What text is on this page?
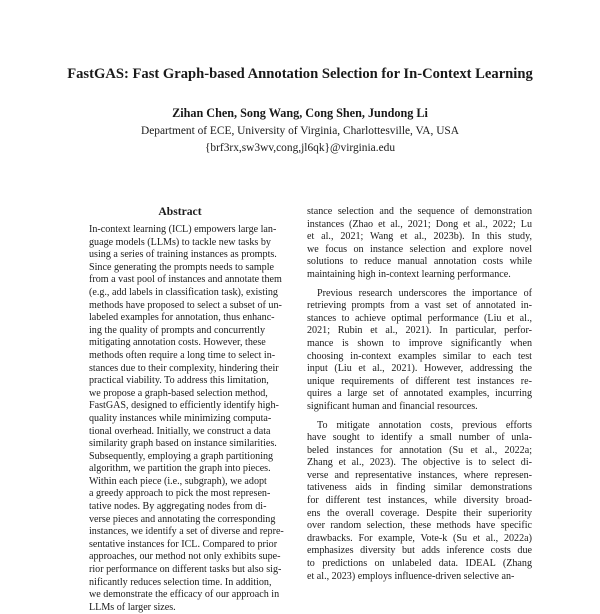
FastGAS: Fast Graph-based Annotation Selection for In-Context Learning
Zihan Chen, Song Wang, Cong Shen, Jundong Li
Department of ECE, University of Virginia, Charlottesville, VA, USA
{brf3rx,sw3wv,cong,jl6qk}@virginia.edu
Abstract
In-context learning (ICL) empowers large lan-
guage models (LLMs) to tackle new tasks by
using a series of training instances as prompts.
Since generating the prompts needs to sample
from a vast pool of instances and annotate them
(e.g., add labels in classification task), existing
methods have proposed to select a subset of un-
labeled examples for annotation, thus enhanc-
ing the quality of prompts and concurrently
mitigating annotation costs. However, these
methods often require a long time to select in-
stances due to their complexity, hindering their
practical viability. To address this limitation,
we propose a graph-based selection method,
FastGAS, designed to efficiently identify high-
quality instances while minimizing computa-
tional overhead. Initially, we construct a data
similarity graph based on instance similarities.
Subsequently, employing a graph partitioning
algorithm, we partition the graph into pieces.
Within each piece (i.e., subgraph), we adopt
a greedy approach to pick the most represen-
tative nodes. By aggregating nodes from di-
verse pieces and annotating the corresponding
instances, we identify a set of diverse and repre-
sentative instances for ICL. Compared to prior
approaches, our method not only exhibits supe-
rior performance on different tasks but also sig-
nificantly reduces selection time. In addition,
we demonstrate the efficacy of our approach in
LLMs of larger sizes.
stance selection and the sequence of demonstration
instances (Zhao et al., 2021; Dong et al., 2022; Lu
et al., 2021; Wang et al., 2023b). In this study,
we focus on instance selection and explore novel
solutions to reduce manual annotation costs while
maintaining high in-context learning performance.
Previous research underscores the importance of
retrieving prompts from a vast set of annotated in-
stances to achieve optimal performance (Liu et al.,
2021; Rubin et al., 2021). In particular, perfor-
mance is shown to improve significantly when
choosing in-context examples similar to each test
input (Liu et al., 2021). However, addressing the
unique requirements of different test instances re-
quires a large set of annotated examples, incurring
significant human and financial resources.
To mitigate annotation costs, previous efforts
have sought to identify a small number of unla-
beled instances for annotation (Su et al., 2022a;
Zhang et al., 2023). The objective is to select di-
verse and representative instances, where represen-
tativeness aids in finding similar demonstrations
for different test instances, while diversity broad-
ens the overall coverage. Despite their superiority
over random selection, these methods have specific
drawbacks. For example, Vote-k (Su et al., 2022a)
emphasizes diversity but adds inference costs due
to predictions on unlabeled data. IDEAL (Zhang
et al., 2023) employs influence-driven selective an-
